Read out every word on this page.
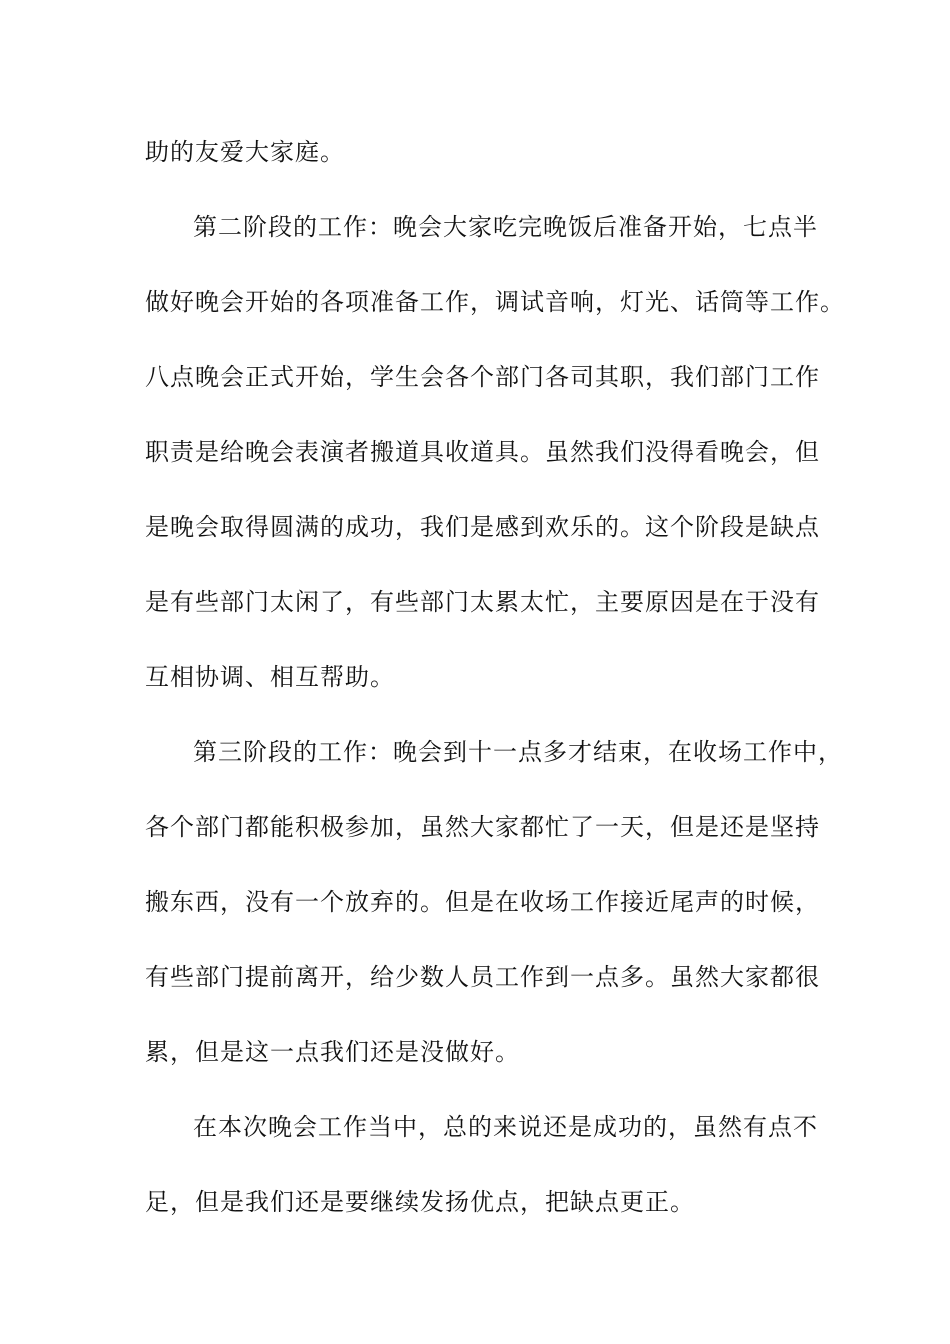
助的友爱大家庭。
第二阶段的工作：晚会大家吃完晚饭后准备开始，七点半
做好晚会开始的各项准备工作，调试音响，灯光、话筒等工作。
八点晚会正式开始，学生会各个部门各司其职，我们部门工作
职责是给晚会表演者搬道具收道具。虽然我们没得看晚会，但
是晚会取得圆满的成功，我们是感到欢乐的。这个阶段是缺点
是有些部门太闲了，有些部门太累太忙，主要原因是在于没有
互相协调、相互帮助。
第三阶段的工作：晚会到十一点多才结束，在收场工作中，
各个部门都能积极参加，虽然大家都忙了一天，但是还是坚持
搬东西，没有一个放弃的。但是在收场工作接近尾声的时候，
有些部门提前离开，给少数人员工作到一点多。虽然大家都很
累，但是这一点我们还是没做好。
在本次晚会工作当中，总的来说还是成功的，虽然有点不
足，但是我们还是要继续发扬优点，把缺点更正。
